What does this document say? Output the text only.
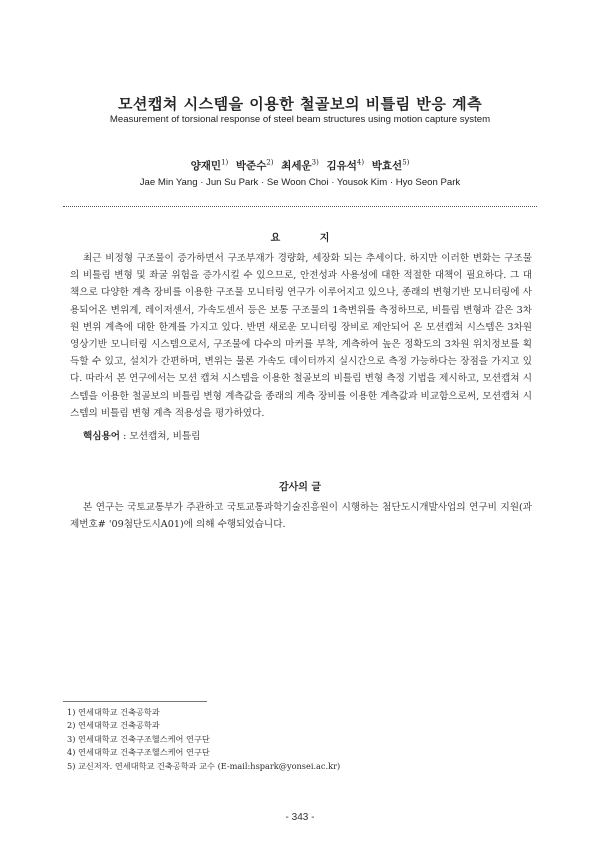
모션캡쳐 시스템을 이용한 철골보의 비틀림 반응 계측
Measurement of torsional response of steel beam structures using motion capture system
양재민$^{1)}$ 박준수$^{2)}$ 최세운$^{3)}$ 김유석$^{4)}$ 박효선$^{5)}$
Jae Min Yang · Jun Su Park · Se Woon Choi · Yousok Kim · Hyo Seon Park
요 지
최근 비정형 구조물이 증가하면서 구조부재가 경량화, 세장화 되는 추세이다. 하지만 이러한 변화는 구조물의 비틀림 변형 및 좌굴 위험을 증가시킬 수 있으므로, 안전성과 사용성에 대한 적절한 대책이 필요하다. 그 대책으로 다양한 계측 장비를 이용한 구조물 모니터링 연구가 이루어지고 있으나, 종래의 변형기반 모니터링에 사용되어온 변위계, 레이저센서, 가속도센서 등은 보통 구조물의 1축변위를 측정하므로, 비틀림 변형과 같은 3차원 변위 계측에 대한 한계를 가지고 있다. 반면 새로운 모니터링 장비로 제안되어 온 모션캡쳐 시스템은 3차원 영상기반 모니터링 시스템으로서, 구조물에 다수의 마커를 부착, 계측하여 높은 정확도의 3차원 위치정보를 획득할 수 있고, 설치가 간편하며, 변위는 물론 가속도 데이터까지 실시간으로 측정 가능하다는 장점을 가지고 있다. 따라서 본 연구에서는 모션 캡쳐 시스템을 이용한 철골보의 비틀림 변형 측정 기법을 제시하고, 모션캡쳐 시스템을 이용한 철골보의 비틀림 변형 계측값을 종래의 계측 장비를 이용한 계측값과 비교함으로써, 모션캡쳐 시스템의 비틀림 변형 계측 적용성을 평가하였다.
핵심용어 : 모션캡쳐, 비틀림
감사의 글
본 연구는 국토교통부가 주관하고 국토교통과학기술진흥원이 시행하는 첨단도시개발사업의 연구비 지원(과제번호# '09첨단도시A01)에 의해 수행되었습니다.
1) 연세대학교 건축공학과
2) 연세대학교 건축공학과
3) 연세대학교 건축구조헬스케어 연구단
4) 연세대학교 건축구조헬스케어 연구단
5) 교신저자. 연세대학교 건축공학과 교수 (E-mail:hspark@yonsei.ac.kr)
- 343 -
